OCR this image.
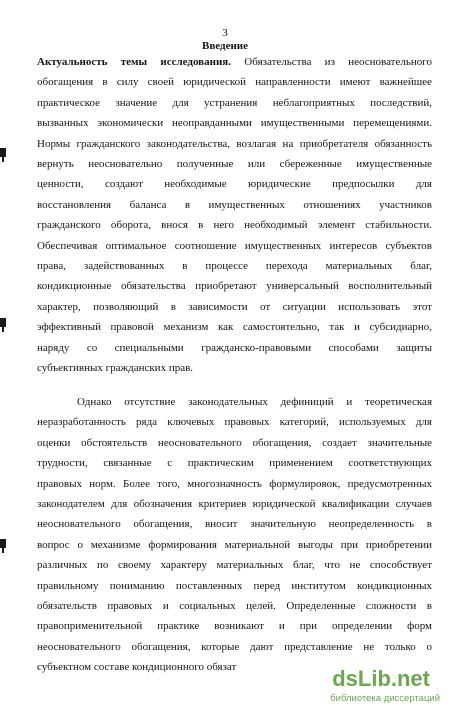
3
Введение
Актуальность темы исследования. Обязательства из неосновательного
обогащения в силу своей юридической направленности имеют важнейшее
практическое значение для устранения неблагоприятных последствий,
вызванных экономически неоправданными имущественными перемещениями.
Нормы гражданского законодательства, возлагая на приобретателя обязанность
вернуть неосновательно полученные или сбереженные имущественные
ценности, создают необходимые юридические предпосылки для
восстановления баланса в имущественных отношениях участников
гражданского оборота, внося в него необходимый элемент стабильности.
Обеспечивая оптимальное соотношение имущественных интересов субъектов
права, задействованных в процессе перехода материальных благ,
кондикционные обязательства приобретают универсальный восполнительный
характер, позволяющий в зависимости от ситуации использовать этот
эффективный правовой механизм как самостоятельно, так и субсидиарно,
наряду со специальными гражданско-правовыми способами защиты
субъективных гражданских прав.
Однако отсутствие законодательных дефиниций и теоретическая
неразработанность ряда ключевых правовых категорий, используемых для
оценки обстоятельств неосновательного обогащения, создает значительные
трудности, связанные с практическим применением соответствующих
правовых норм. Более того, многозначность формулировок, предусмотренных
законодателем для обозначения критериев юридической квалификации случаев
неосновательного обогащения, вносит значительную неопределенность в
вопрос о механизме формирования материальной выгоды при приобретении
различных по своему характеру материальных благ, что не способствует
правильному пониманию поставленных перед институтом кондикционных
обязательств правовых и социальных целей. Определенные сложности в
правоприменительной практике возникают и при определении форм
неосновательного обогащения, которые дают представление не только о
субъектном составе кондиционного обязат	dsLib.net
библиотека диссертаций
